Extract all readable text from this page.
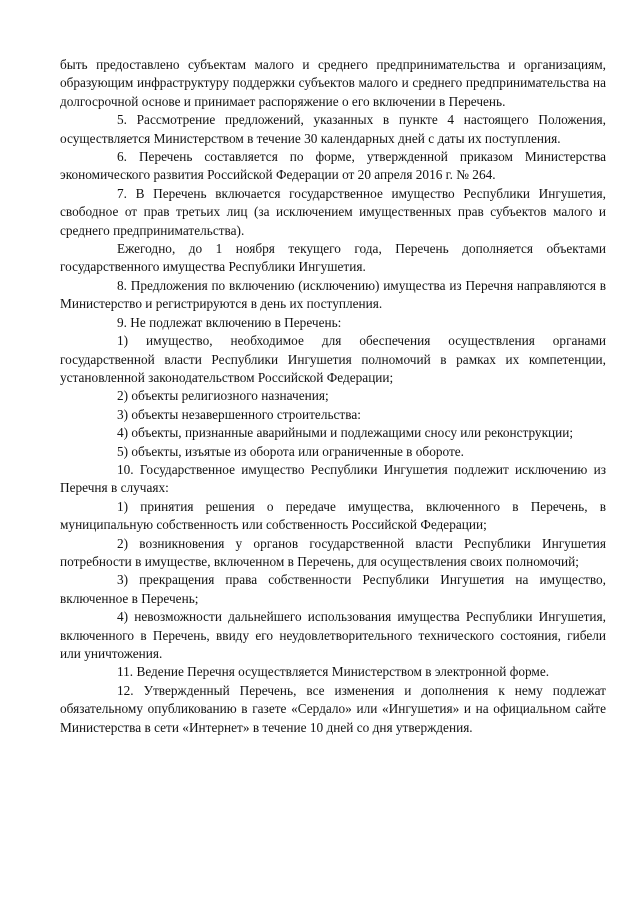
быть предоставлено субъектам малого и среднего предпринимательства и организациям, образующим инфраструктуру поддержки субъектов малого и среднего предпринимательства на долгосрочной основе и принимает распоряжение о его включении в Перечень.

5. Рассмотрение предложений, указанных в пункте 4 настоящего Положения, осуществляется Министерством в течение 30 календарных дней с даты их поступления.

6. Перечень составляется по форме, утвержденной приказом Министерства экономического развития Российской Федерации от 20 апреля 2016 г. № 264.

7. В Перечень включается государственное имущество Республики Ингушетия, свободное от прав третьих лиц (за исключением имущественных прав субъектов малого и среднего предпринимательства).

Ежегодно, до 1 ноября текущего года, Перечень дополняется объектами государственного имущества Республики Ингушетия.

8. Предложения по включению (исключению) имущества из Перечня направляются в Министерство и регистрируются в день их поступления.

9. Не подлежат включению в Перечень:

1) имущество, необходимое для обеспечения осуществления органами государственной власти Республики Ингушетия полномочий в рамках их компетенции, установленной законодательством Российской Федерации;

2) объекты религиозного назначения;

3) объекты незавершенного строительства:

4) объекты, признанные аварийными и подлежащими сносу или реконструкции;

5) объекты, изъятые из оборота или ограниченные в обороте.

10. Государственное имущество Республики Ингушетия подлежит исключению из Перечня в случаях:

1) принятия решения о передаче имущества, включенного в Перечень, в муниципальную собственность или собственность Российской Федерации;

2) возникновения у органов государственной власти Республики Ингушетия потребности в имуществе, включенном в Перечень, для осуществления своих полномочий;

3) прекращения права собственности Республики Ингушетия на имущество, включенное в Перечень;

4) невозможности дальнейшего использования имущества Республики Ингушетия, включенного в Перечень, ввиду его неудовлетворительного технического состояния, гибели или уничтожения.

11. Ведение Перечня осуществляется Министерством в электронной форме.

12. Утвержденный Перечень, все изменения и дополнения к нему подлежат обязательному опубликованию в газете «Сердало» или «Ингушетия» и на официальном сайте Министерства в сети «Интернет» в течение 10 дней со дня утверждения.
